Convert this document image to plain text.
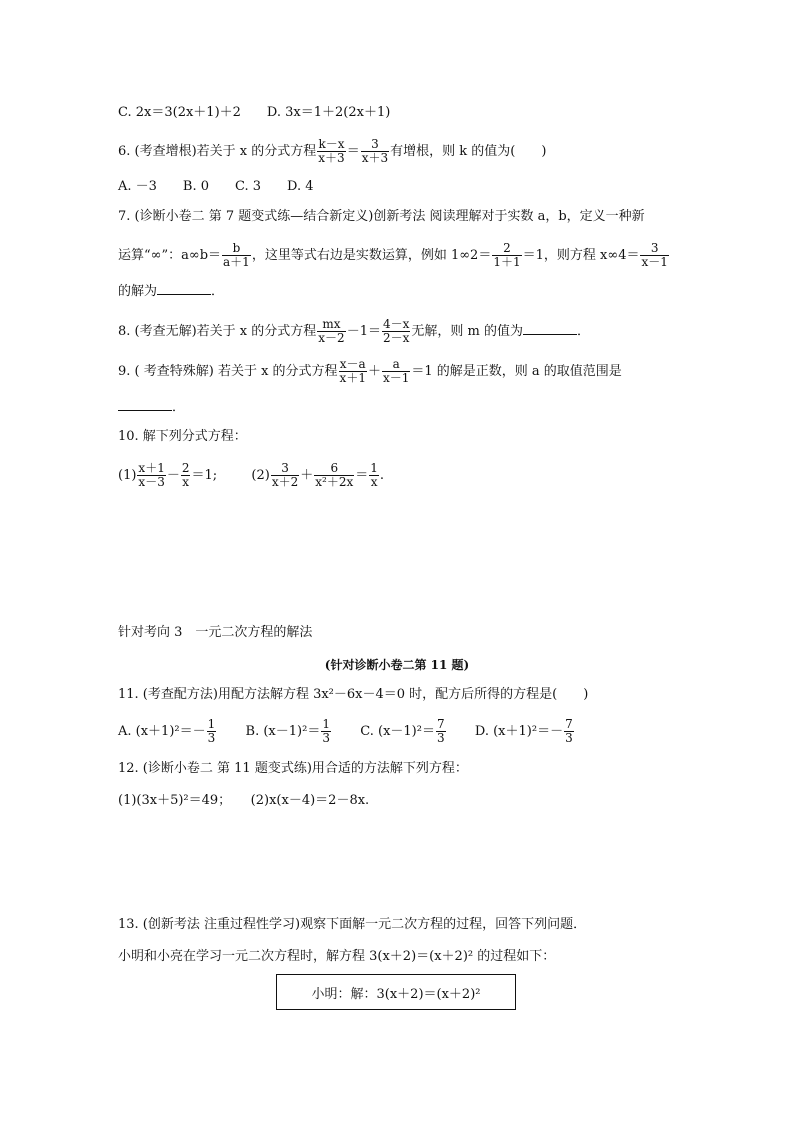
C. 2x＝3(2x＋1)＋2　　D. 3x＝1＋2(2x＋1)
6. (考查增根)若关于 x 的分式方程 $\frac{k-x}{x+3} = \frac{3}{x+3}$ 有增根，则 k 的值为(　　)
A. －3　　B. 0　　C. 3　　D. 4
7. (诊断小卷二 第 7 题变式练—结合新定义)创新考法 阅读理解对于实数 a，b，定义一种新
运算“∞”：$a\infty b= \frac{b}{a+1}$ ，这里等式右边是实数运算，例如 $1\infty 2= \frac{2}{1+1} =1$，则方程 $x\infty 4= \frac{3}{x-1}$
的解为	．
8. (考查无解)若关于 x 的分式方程 $\frac{mx}{x-2} -1= \frac{4-x}{2-x}$ 无解，则 m 的值为	．
9. ( 考查特殊解) 若关于 x 的分式方程 $\frac{x-a}{x+1} + \frac{a}{x-1} =1$ 的解是正数，则 a 的取值范围是
．
10. 解下列分式方程：
$(1) \frac{x+1}{x-3} - \frac{2}{x} =1$;	$(2) \frac{3}{x+2} + \frac{6}{\text{x²＋2x}} = \frac{1}{x}$ .
针对考向 3　一元二次方程的解法
(针对诊断小卷二第 11 题)
11. (考查配方法)用配方法解方程 3x²－6x－4＝0 时，配方后所得的方程是(　　)
A. $(x+1)^2=- \frac{1}{3} B$. $(x-1)^2= \frac{1}{3} C$. $(x-1)^2= \frac{7}{3} D$. $(x+1)^2=- \frac{7}{3}$
12. (诊断小卷二 第 11 题变式练)用合适的方法解下列方程：
(1)(3x＋5)²＝49；　　(2)x(x－4)＝2－8x.
13. (创新考法 注重过程性学习)观察下面解一元二次方程的过程，回答下列问题．
小明和小亮在学习一元二次方程时，解方程 3(x＋2)＝(x＋2)² 的过程如下：
小明：解：3(x＋2)＝(x＋2)²
